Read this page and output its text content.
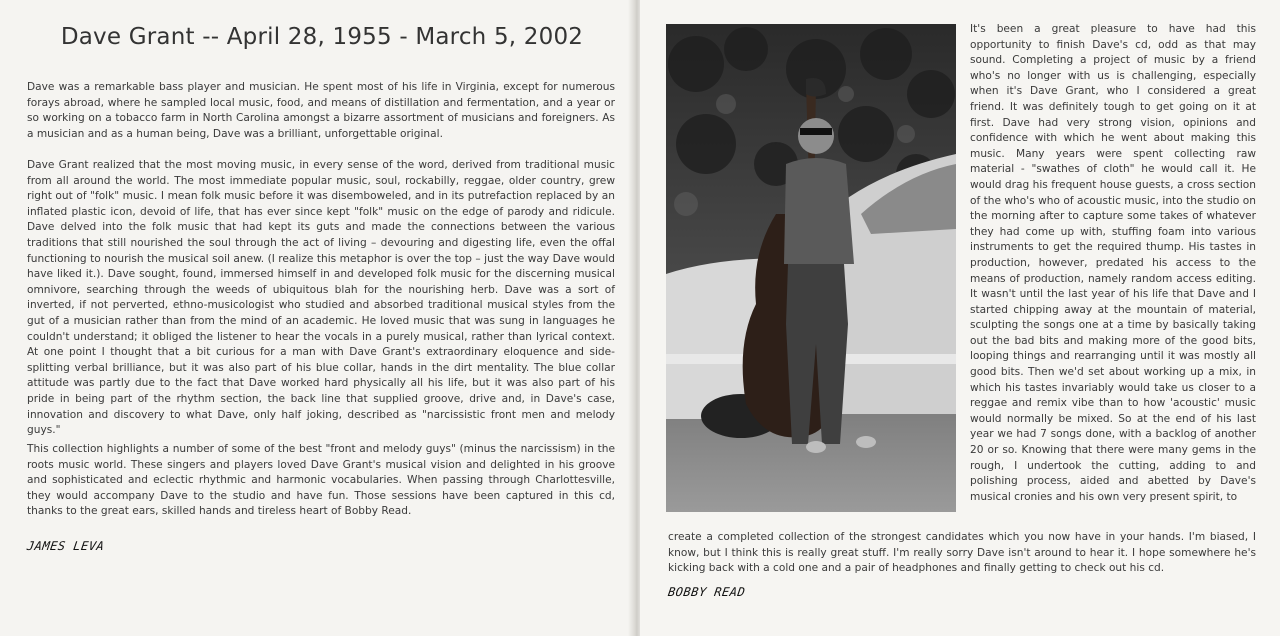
Dave Grant -- April 28, 1955 - March 5, 2002

Dave was a remarkable bass player and musician. He spent most of his life in Virginia, except for numerous forays abroad, where he sampled local music, food, and means of distillation and fermentation, and a year or so working on a tobacco farm in North Carolina amongst a bizarre assortment of musicians and foreigners. As a musician and as a human being, Dave was a brilliant, unforgettable original.

Dave Grant realized that the most moving music, in every sense of the word, derived from traditional music from all around the world. The most immediate popular music, soul, rockabilly, reggae, older country, grew right out of "folk" music. I mean folk music before it was disemboweled, and in its putrefaction replaced by an inflated plastic icon, devoid of life, that has ever since kept "folk" music on the edge of parody and ridicule. Dave delved into the folk music that had kept its guts and made the connections between the various traditions that still nourished the soul through the act of living – devouring and digesting life, even the offal functioning to nourish the musical soil anew. (I realize this metaphor is over the top – just the way Dave would have liked it.). Dave sought, found, immersed himself in and developed folk music for the discerning musical omnivore, searching through the weeds of ubiquitous blah for the nourishing herb. Dave was a sort of inverted, if not perverted, ethno-musicologist who studied and absorbed traditional musical styles from the gut of a musician rather than from the mind of an academic. He loved music that was sung in languages he couldn't understand; it obliged the listener to hear the vocals in a purely musical, rather than lyrical context. At one point I thought that a bit curious for a man with Dave Grant's extraordinary eloquence and side-splitting verbal brilliance, but it was also part of his blue collar, hands in the dirt mentality. The blue collar attitude was partly due to the fact that Dave worked hard physically all his life, but it was also part of his pride in being part of the rhythm section, the back line that supplied groove, drive and, in Dave's case, innovation and discovery to what Dave, only half joking, described as "narcissistic front men and melody guys."

This collection highlights a number of some of the best "front and melody guys" (minus the narcissism) in the roots music world. These singers and players loved Dave Grant's musical vision and delighted in his groove and sophisticated and eclectic rhythmic and harmonic vocabularies. When passing through Charlottesville, they would accompany Dave to the studio and have fun. Those sessions have been captured in this cd, thanks to the great ears, skilled hands and tireless heart of Bobby Read.

JAMES LEVA

It's been a great pleasure to have had this opportunity to finish Dave's cd, odd as that may sound. Completing a project of music by a friend who's no longer with us is challenging, especially when it's Dave Grant, who I considered a great friend. It was definitely tough to get going on it at first. Dave had very strong vision, opinions and confidence with which he went about making this music. Many years were spent collecting raw material - "swathes of cloth" he would call it. He would drag his frequent house guests, a cross section of the who's who of acoustic music, into the studio on the morning after to capture some takes of whatever they had come up with, stuffing foam into various instruments to get the required thump. His tastes in production, however, predated his access to the means of production, namely random access editing. It wasn't until the last year of his life that Dave and I started chipping away at the mountain of material, sculpting the songs one at a time by basically taking out the bad bits and making more of the good bits, looping things and rearranging until it was mostly all good bits. Then we'd set about working up a mix, in which his tastes invariably would take us closer to a reggae and remix vibe than to how 'acoustic' music would normally be mixed. So at the end of his last year we had 7 songs done, with a backlog of another 20 or so. Knowing that there were many gems in the rough, I undertook the cutting, adding to and polishing process, aided and abetted by Dave's musical cronies and his own very present spirit, to

create a completed collection of the strongest candidates which you now have in your hands. I'm biased, I know, but I think this is really great stuff. I'm really sorry Dave isn't around to hear it. I hope somewhere he's kicking back with a cold one and a pair of headphones and finally getting to check out his cd.

BOBBY READ
